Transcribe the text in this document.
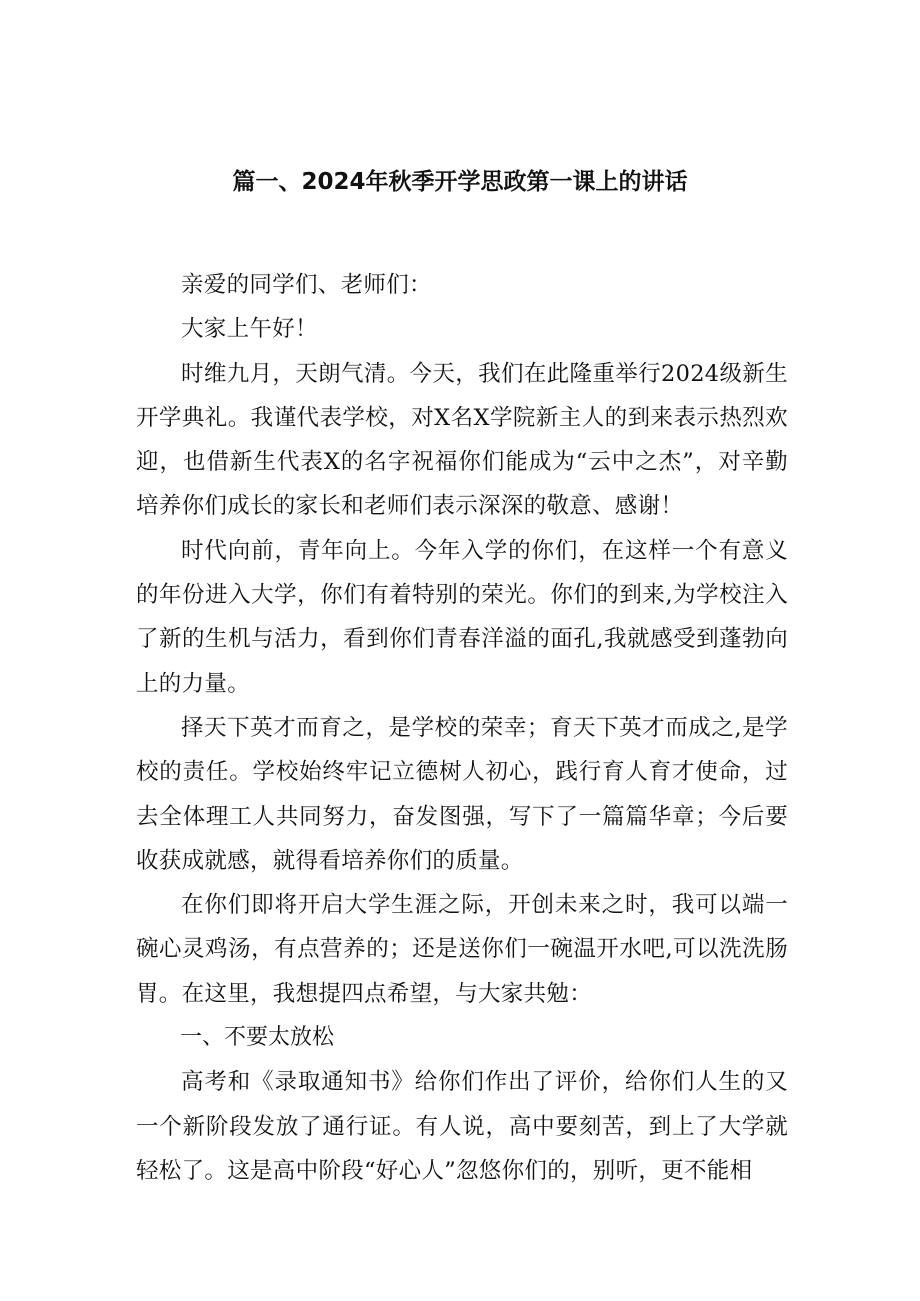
篇一、2024年秋季开学思政第一课上的讲话

亲爱的同学们、老师们：

大家上午好！

时维九月，天朗气清。今天，我们在此隆重举行2024级新生开学典礼。我谨代表学校，对X名X学院新主人的到来表示热烈欢迎，也借新生代表X的名字祝福你们能成为“云中之杰”，对辛勤培养你们成长的家长和老师们表示深深的敬意、感谢！

时代向前，青年向上。今年入学的你们，在这样一个有意义的年份进入大学，你们有着特别的荣光。你们的到来,为学校注入了新的生机与活力，看到你们青春洋溢的面孔,我就感受到蓬勃向上的力量。

择天下英才而育之，是学校的荣幸；育天下英才而成之,是学校的责任。学校始终牢记立德树人初心，践行育人育才使命，过去全体理工人共同努力，奋发图强，写下了一篇篇华章；今后要收获成就感，就得看培养你们的质量。

在你们即将开启大学生涯之际，开创未来之时，我可以端一碗心灵鸡汤，有点营养的；还是送你们一碗温开水吧,可以洗洗肠胃。在这里，我想提四点希望，与大家共勉：

一、不要太放松

高考和《录取通知书》给你们作出了评价，给你们人生的又一个新阶段发放了通行证。有人说，高中要刻苦，到上了大学就轻松了。这是高中阶段“好心人”忽悠你们的，别听，更不能相
